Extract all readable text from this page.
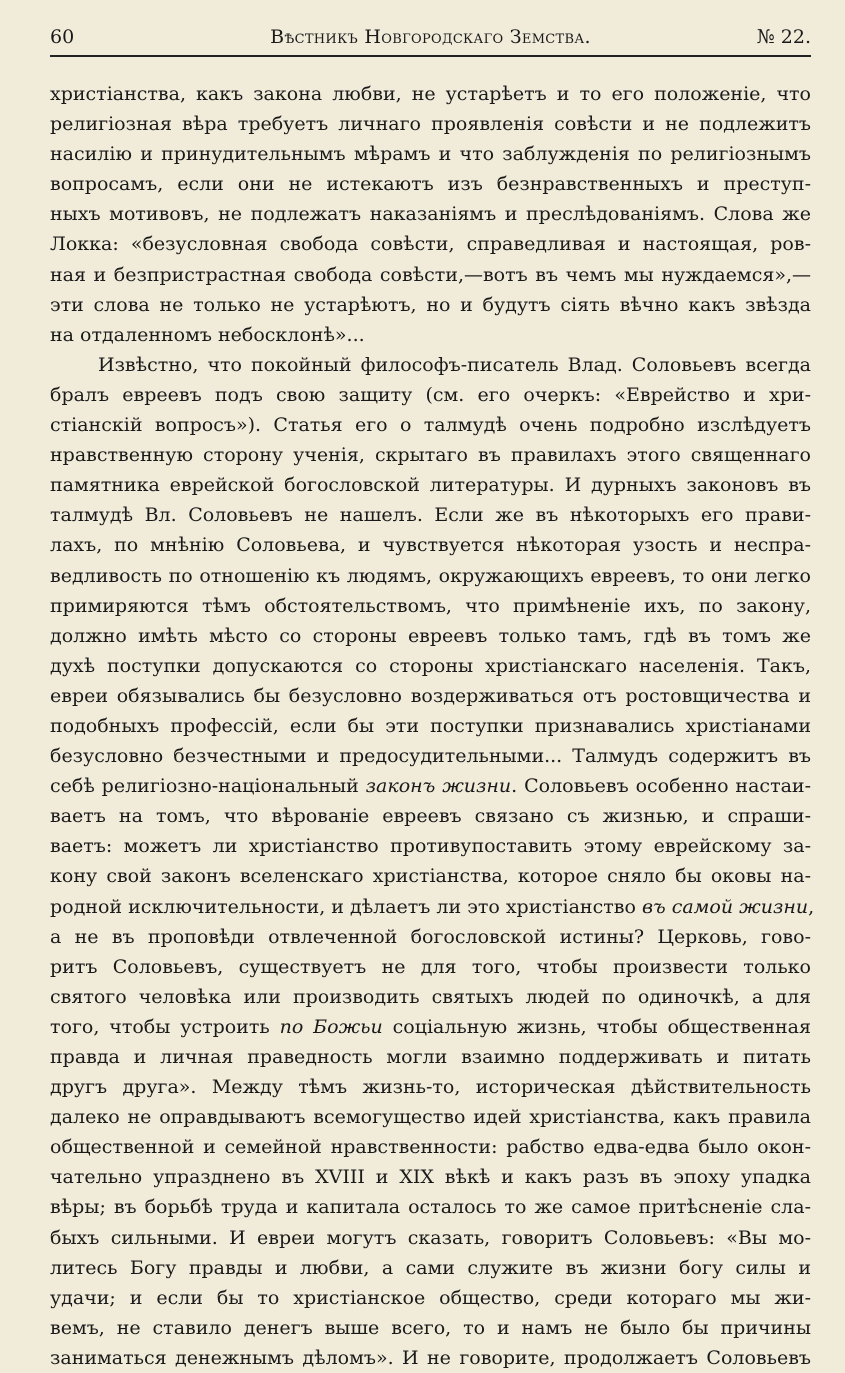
60	Вѣстникъ Новгородскаго Земства.	№ 22.
христіанства, какъ закона любви, не устарѣетъ и то его положеніе, что
религіозная вѣра требуетъ личнаго проявленія совѣсти и не подлежитъ
насилію и принудительнымъ мѣрамъ и что заблужденія по религіознымъ
вопросамъ, если они не истекаютъ изъ безнравственныхъ и преступ-
ныхъ мотивовъ, не подлежатъ наказаніямъ и преслѣдованіямъ. Слова же
Локка: «безусловная свобода совѣсти, справедливая и настоящая, ров-
ная и безпристрастная свобода совѣсти,—вотъ въ чемъ мы нуждаемся»,—
эти слова не только не устарѣютъ, но и будутъ сіять вѣчно какъ звѣзда
на отдаленномъ небосклонѣ»...
Извѣстно, что покойный философъ-писатель Влад. Соловьевъ всегда
бралъ евреевъ подъ свою защиту (см. его очеркъ: «Еврейство и хри-
стіанскій вопросъ»). Статья его о талмудѣ очень подробно изслѣдуетъ
нравственную сторону ученія, скрытаго въ правилахъ этого священнаго
памятника еврейской богословской литературы. И дурныхъ законовъ въ
талмудѣ Вл. Соловьевъ не нашелъ. Если же въ нѣкоторыхъ его прави-
лахъ, по мнѣнію Соловьева, и чувствуется нѣкоторая узость и неспра-
ведливость по отношенію къ людямъ, окружающихъ евреевъ, то они легко
примиряются тѣмъ обстоятельствомъ, что примѣненіе ихъ, по закону,
должно имѣть мѣсто со стороны евреевъ только тамъ, гдѣ въ томъ же
духѣ поступки допускаются со стороны христіанскаго населенія. Такъ,
евреи обязывались бы безусловно воздерживаться отъ ростовщичества и
подобныхъ профессій, если бы эти поступки признавались христіанами
безусловно безчестными и предосудительными... Талмудъ содержитъ въ
себѣ религіозно-національный законъ жизни. Соловьевъ особенно настаи-
ваетъ на томъ, что вѣрованіе евреевъ связано съ жизнью, и спраши-
ваетъ: можетъ ли христіанство противупоставить этому еврейскому за-
кону свой законъ вселенскаго христіанства, которое сняло бы оковы на-
родной исключительности, и дѣлаетъ ли это христіанство въ самой жизни,
а не въ проповѣди отвлеченной богословской истины? Церковь, гово-
ритъ Соловьевъ, существуетъ не для того, чтобы произвести только
святого человѣка или производить святыхъ людей по одиночкѣ, а для
того, чтобы устроить по Божьи соціальную жизнь, чтобы общественная
правда и личная праведность могли взаимно поддерживать и питать
другъ друга». Между тѣмъ жизнь-то, историческая дѣйствительность
далеко не оправдываютъ всемогущество идей христіанства, какъ правила
общественной и семейной нравственности: рабство едва-едва было окон-
чательно упразднено въ XVIII и XIX вѣкѣ и какъ разъ въ эпоху упадка
вѣры; въ борьбѣ труда и капитала осталось то же самое притѣсненіе сла-
быхъ сильными. И евреи могутъ сказать, говоритъ Соловьевъ: «Вы мо-
литесь Богу правды и любви, а сами служите въ жизни богу силы и
удачи; и если бы то христіанское общество, среди котораго мы жи-
вемъ, не ставило денегъ выше всего, то и намъ не было бы причины
заниматься денежнымъ дѣломъ». И не говорите, продолжаетъ Соловьевъ
